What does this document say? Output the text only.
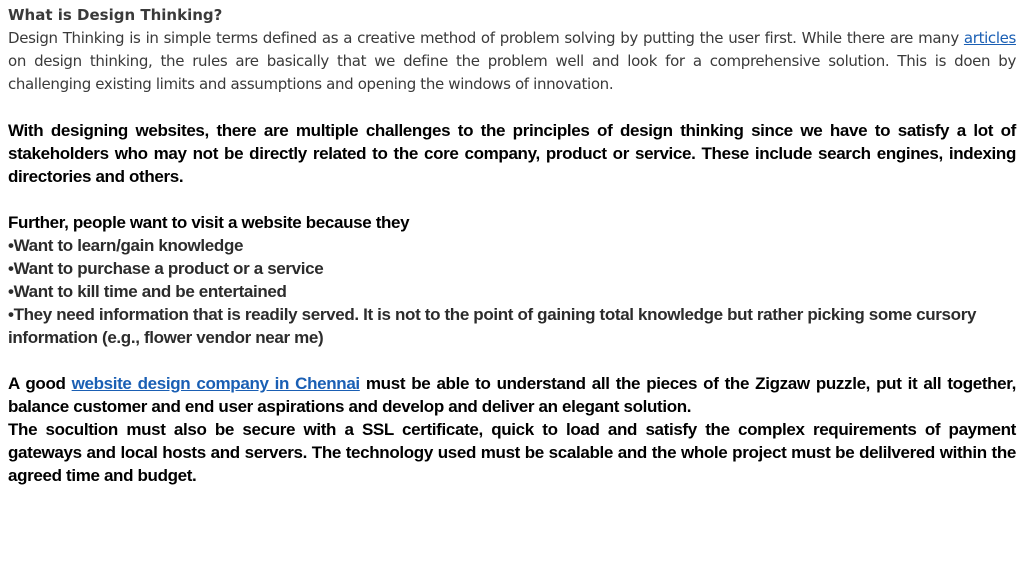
What is Design Thinking?

Design Thinking is in simple terms defined as a creative method of problem solving by putting the user first. While there are many articles on design thinking, the rules are basically that we define the problem well and look for a comprehensive solution. This is doen by challenging existing limits and assumptions and opening the windows of innovation.

With designing websites, there are multiple challenges to the principles of design thinking since we have to satisfy a lot of stakeholders who may not be directly related to the core company, product or service. These include search engines, indexing directories and others.

Further, people want to visit a website because they
•Want to learn/gain knowledge
•Want to purchase a product or a service
•Want to kill time and be entertained
•They need information that is readily served. It is not to the point of gaining total knowledge but rather picking some cursory information (e.g., flower vendor near me)

A good website design company in Chennai must be able to understand all the pieces of the Zigzaw puzzle, put it all together, balance customer and end user aspirations and develop and deliver an elegant solution.

The socultion must also be secure with a SSL certificate, quick to load and satisfy the complex requirements of payment gateways and local hosts and servers. The technology used must be scalable and the whole project must be delilvered within the agreed time and budget.
